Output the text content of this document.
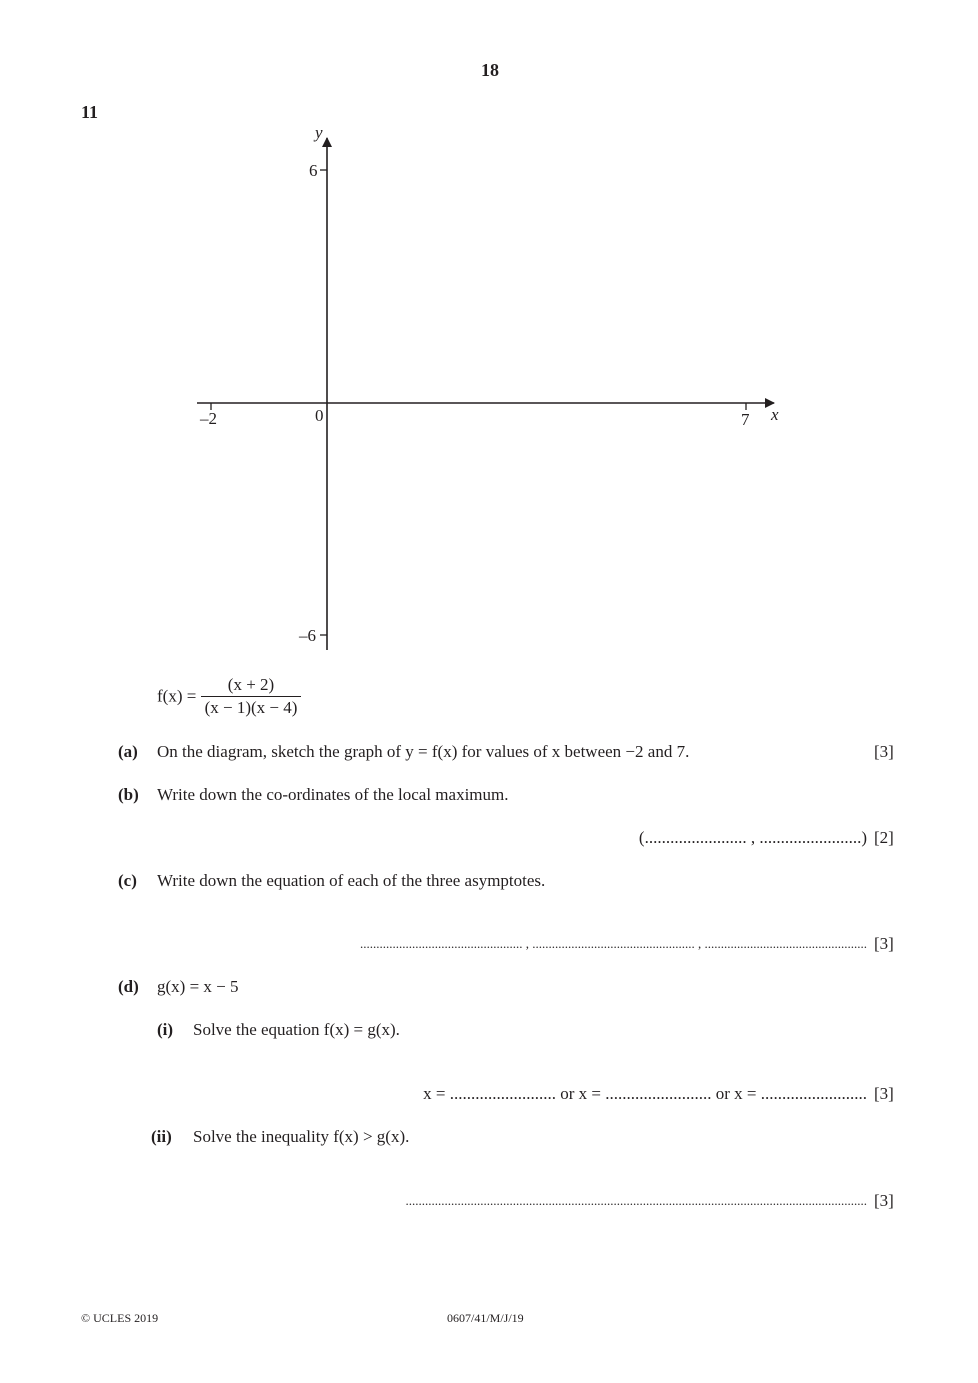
18
11
y
x
6
–6
–2	7
0
$f(x) = \frac{(x + 2)}{(x - 1)(x - 4)}$
(a) On the diagram, sketch the graph of y = f(x) for values of x between −2 and 7.	[3]
(b) Write down the co-ordinates of the local maximum.
(........................ , ........................) [2]
(c) Write down the equation of each of the three asymptotes.
.................................................. , .................................................. , .................................................. [3]
(d) g(x) = x − 5
(i) Solve the equation f(x) = g(x).
x = ......................... or x = ......................... or x = ......................... [3]
(ii) Solve the inequality f(x) > g(x).
.............................................................................................................................................. [3]
© UCLES 2019	0607/41/M/J/19
